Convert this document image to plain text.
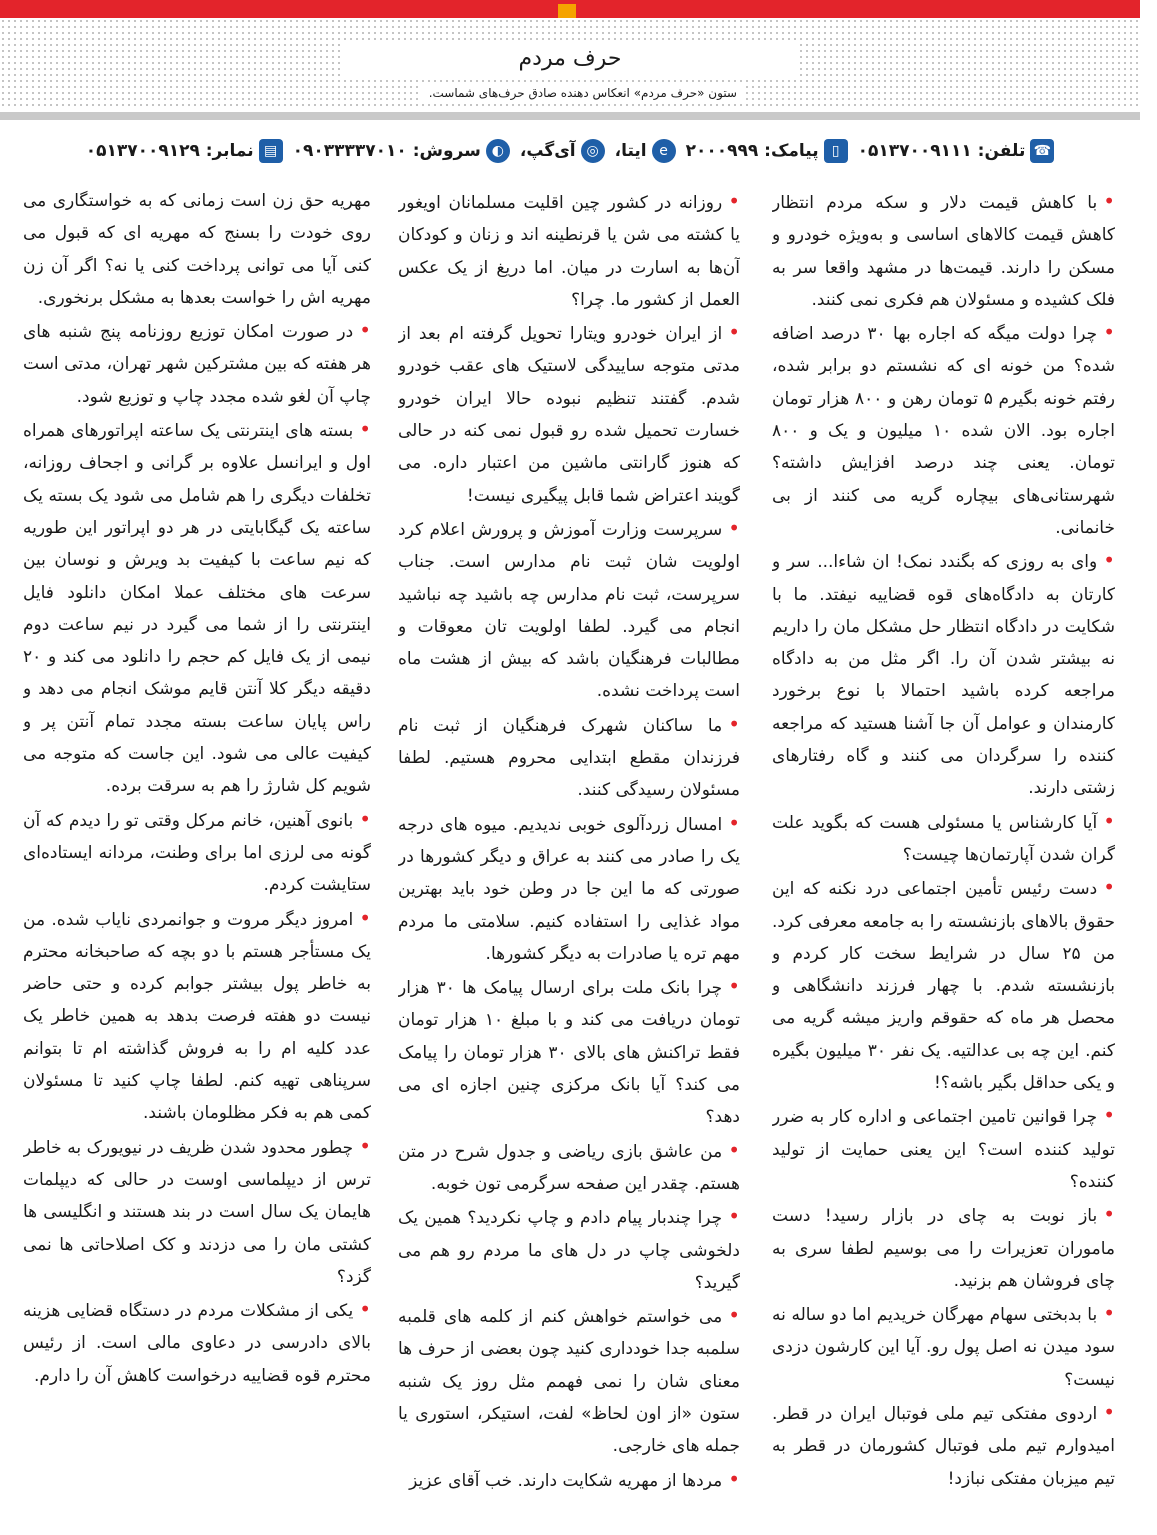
حرف مردم
ستون «حرف مردم» انعکاس دهنده صادق حرف‌های شماست.
☎
تلفن: ۰۵۱۳۷۰۰۹۱۱۱
▯
پیامک: ۲۰۰۰۹۹۹
e
ایتا،
◎
آی‌گپ،
◐
سروش: ۰۹۰۳۳۳۳۷۰۱۰
▤
نمابر: ۰۵۱۳۷۰۰۹۱۲۹

•با کاهش قیمت دلار و سکه مردم انتظار کاهش قیمت کالاهای اساسی و به‌ویژه خودرو و مسکن را دارند. قیمت‌ها در مشهد واقعا سر به فلک کشیده و مسئولان هم فکری نمی کنند.

•چرا دولت میگه که اجاره بها ۳۰ درصد اضافه شده؟ من خونه ای که نشستم دو برابر شده، رفتم خونه بگیرم ۵ تومان رهن و ۸۰۰ هزار تومان اجاره بود. الان شده ۱۰ میلیون و یک و ۸۰۰ تومان. یعنی چند درصد افزایش داشته؟ شهرستانی‌های بیچاره گریه می کنند از بی خانمانی.

•وای به روزی که بگندد نمک! ان شاءا... سر و کارتان به دادگاه‌های قوه قضاییه نیفتد. ما با شکایت در دادگاه انتظار حل مشکل مان را داریم نه بیشتر شدن آن را. اگر مثل من به دادگاه مراجعه کرده باشید احتمالا با نوع برخورد کارمندان و عوامل آن جا آشنا هستید که مراجعه کننده را سرگردان می کنند و گاه رفتارهای زشتی دارند.

•آیا کارشناس یا مسئولی هست که بگوید علت گران شدن آپارتمان‌ها چیست؟

•دست رئیس تأمین اجتماعی درد نکنه که این حقوق بالاهای بازنشسته را به جامعه معرفی کرد. من ۲۵ سال در شرایط سخت کار کردم و بازنشسته شدم. با چهار فرزند دانشگاهی و محصل هر ماه که حقوقم واریز میشه گریه می کنم. این چه بی عدالتیه. یک نفر ۳۰ میلیون بگیره و یکی حداقل بگیر باشه؟!

•چرا قوانین تامین اجتماعی و اداره کار به ضرر تولید کننده است؟ این یعنی حمایت از تولید کننده؟

•باز نوبت به چای در بازار رسید! دست ماموران تعزیرات را می بوسیم لطفا سری به چای فروشان هم بزنید.

•با بدبختی سهام مهرگان خریدیم اما دو ساله نه سود میدن نه اصل پول رو. آیا این کارشون دزدی نیست؟

•اردوی مفتکی تیم ملی فوتبال ایران در قطر. امیدوارم تیم ملی فوتبال کشورمان در قطر به تیم میزبان مفتکی نبازد!

•روزانه در کشور چین اقلیت مسلمانان اویغور یا کشته می شن یا قرنطینه اند و زنان و کودکان آن‌ها به اسارت در میان. اما دریغ از یک عکس العمل از کشور ما. چرا؟

•از ایران خودرو ویتارا تحویل گرفته ام بعد از مدتی متوجه ساییدگی لاستیک های عقب خودرو شدم. گفتند تنظیم نبوده حالا ایران خودرو خسارت تحمیل شده رو قبول نمی کنه در حالی که هنوز گارانتی ماشین من اعتبار داره. می گویند اعتراض شما قابل پیگیری نیست!

•سرپرست وزارت آموزش و پرورش اعلام کرد اولویت شان ثبت نام مدارس است. جناب سرپرست، ثبت نام مدارس چه باشید چه نباشید انجام می گیرد. لطفا اولویت تان معوقات و مطالبات فرهنگیان باشد که بیش از هشت ماه است پرداخت نشده.

•ما ساکنان شهرک فرهنگیان از ثبت نام فرزندان مقطع ابتدایی محروم هستیم. لطفا مسئولان رسیدگی کنند.

•امسال زردآلوی خوبی ندیدیم. میوه های درجه یک را صادر می کنند به عراق و دیگر کشورها در صورتی که ما این جا در وطن خود باید بهترین مواد غذایی را استفاده کنیم. سلامتی ما مردم مهم تره یا صادرات به دیگر کشورها.

•چرا بانک ملت برای ارسال پیامک ها ۳۰ هزار تومان دریافت می کند و با مبلغ ۱۰ هزار تومان فقط تراکنش های بالای ۳۰ هزار تومان را پیامک می کند؟ آیا بانک مرکزی چنین اجازه ای می دهد؟

•من عاشق بازی ریاضی و جدول شرح در متن هستم. چقدر این صفحه سرگرمی تون خوبه.

•چرا چندبار پیام دادم و چاپ نکردید؟ همین یک دلخوشی چاپ در دل های ما مردم رو هم می گیرید؟

•می خواستم خواهش کنم از کلمه های قلمبه سلمبه جدا خودداری کنید چون بعضی از حرف ها معنای شان را نمی فهمم مثل روز یک شنبه ستون «از اون لحاظ» لفت، استیکر، استوری یا جمله های خارجی.

•مردها از مهریه شکایت دارند. خب آقای عزیز

مهریه حق زن است زمانی که به خواستگاری می روی خودت را بسنج که مهریه ای که قبول می کنی آیا می توانی پرداخت کنی یا نه؟ اگر آن زن مهریه اش را خواست بعدها به مشکل برنخوری.

•در صورت امکان توزیع روزنامه پنج شنبه های هر هفته که بین مشترکین شهر تهران، مدتی است چاپ آن لغو شده مجدد چاپ و توزیع شود.

•بسته های اینترنتی یک ساعته اپراتورهای همراه اول و ایرانسل علاوه بر گرانی و اجحاف روزانه، تخلفات دیگری را هم شامل می شود یک بسته یک ساعته یک گیگابایتی در هر دو اپراتور این طوریه که نیم ساعت با کیفیت بد ویرش و نوسان بین سرعت های مختلف عملا امکان دانلود فایل اینترنتی را از شما می گیرد در نیم ساعت دوم نیمی از یک فایل کم حجم را دانلود می کند و ۲۰ دقیقه دیگر کلا آنتن قایم موشک انجام می دهد و راس پایان ساعت بسته مجدد تمام آنتن پر و کیفیت عالی می شود. این جاست که متوجه می شویم کل شارژ را هم به سرقت برده.

•بانوی آهنین، خانم مرکل وقتی تو را دیدم که آن گونه می لرزی اما برای وطنت، مردانه ایستاده‌ای ستایشت کردم.

•امروز دیگر مروت و جوانمردی نایاب شده. من یک مستأجر هستم با دو بچه که صاحبخانه محترم به خاطر پول بیشتر جوابم کرده و حتی حاضر نیست دو هفته فرصت بدهد به همین خاطر یک عدد کلیه ام را به فروش گذاشته ام تا بتوانم سرپناهی تهیه کنم. لطفا چاپ کنید تا مسئولان کمی هم به فکر مظلومان باشند.

•چطور محدود شدن ظریف در نیویورک به خاطر ترس از دیپلماسی اوست در حالی که دیپلمات هایمان یک سال است در بند هستند و انگلیسی ها کشتی مان را می دزدند و کک اصلاحاتی ها نمی گزد؟

•یکی از مشکلات مردم در دستگاه قضایی هزینه بالای دادرسی در دعاوی مالی است. از رئیس محترم قوه قضاییه درخواست کاهش آن را دارم.
